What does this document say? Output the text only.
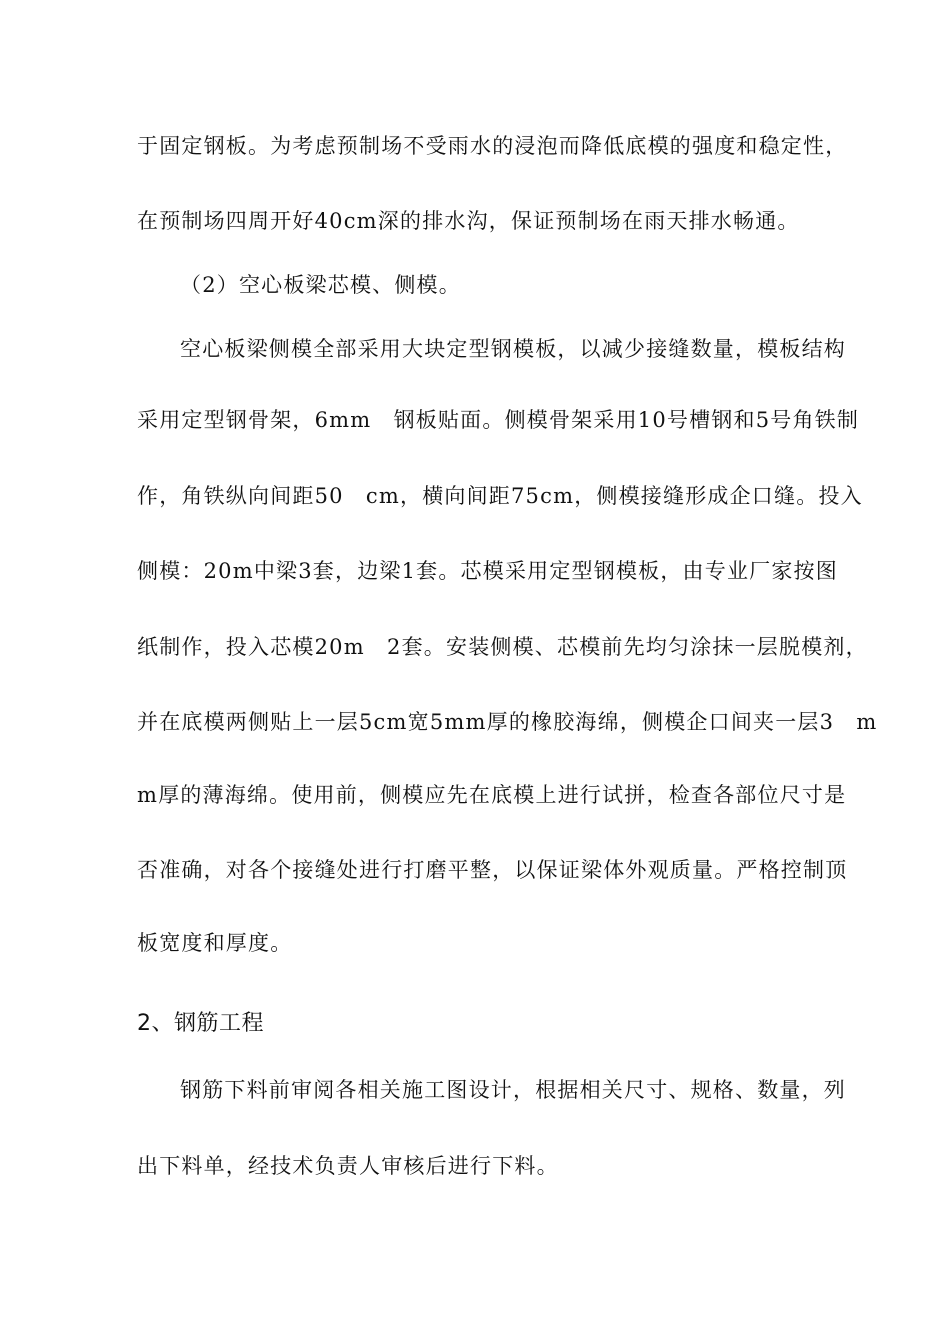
于固定钢板。为考虑预制场不受雨水的浸泡而降低底模的强度和稳定性，
在预制场四周开好40cm深的排水沟，保证预制场在雨天排水畅通。
（2）空心板梁芯模、侧模。
空心板梁侧模全部采用大块定型钢模板，以减少接缝数量，模板结构
采用定型钢骨架，6mm　钢板贴面。侧模骨架采用10号槽钢和5号角铁制
作，角铁纵向间距50　cm，横向间距75cm，侧模接缝形成企口缝。投入
侧模：20m中梁3套，边梁1套。芯模采用定型钢模板，由专业厂家按图
纸制作，投入芯模20m　2套。安装侧模、芯模前先均匀涂抹一层脱模剂，
并在底模两侧贴上一层5cm宽5mm厚的橡胶海绵，侧模企口间夹一层3　m
m厚的薄海绵。使用前，侧模应先在底模上进行试拼，检查各部位尺寸是
否准确，对各个接缝处进行打磨平整，以保证梁体外观质量。严格控制顶
板宽度和厚度。
2、钢筋工程
钢筋下料前审阅各相关施工图设计，根据相关尺寸、规格、数量，列
出下料单，经技术负责人审核后进行下料。
